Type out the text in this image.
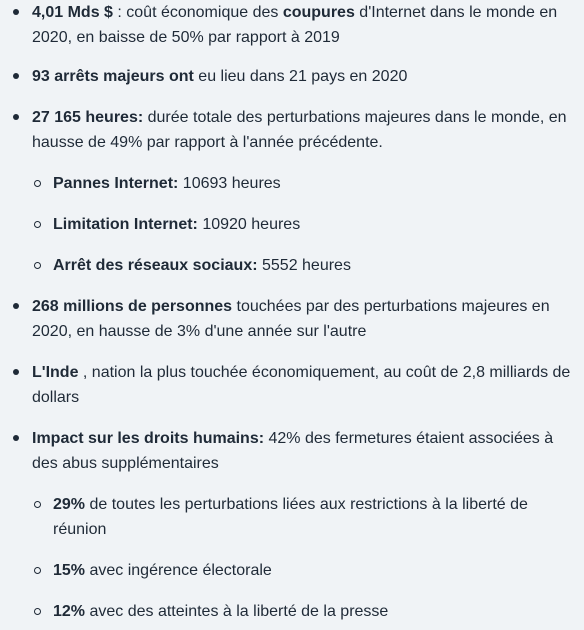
4,01 Mds $ : coût économique des coupures d'Internet dans le monde en 2020, en baisse de 50% par rapport à 2019
93 arrêts majeurs ont eu lieu dans 21 pays en 2020
27 165 heures: durée totale des perturbations majeures dans le monde, en hausse de 49% par rapport à l'année précédente.
Pannes Internet: 10693 heures
Limitation Internet: 10920 heures
Arrêt des réseaux sociaux: 5552 heures
268 millions de personnes touchées par des perturbations majeures en 2020, en hausse de 3% d'une année sur l'autre
L'Inde , nation la plus touchée économiquement, au coût de 2,8 milliards de dollars
Impact sur les droits humains: 42% des fermetures étaient associées à des abus supplémentaires
29% de toutes les perturbations liées aux restrictions à la liberté de réunion
15% avec ingérence électorale
12% avec des atteintes à la liberté de la presse
